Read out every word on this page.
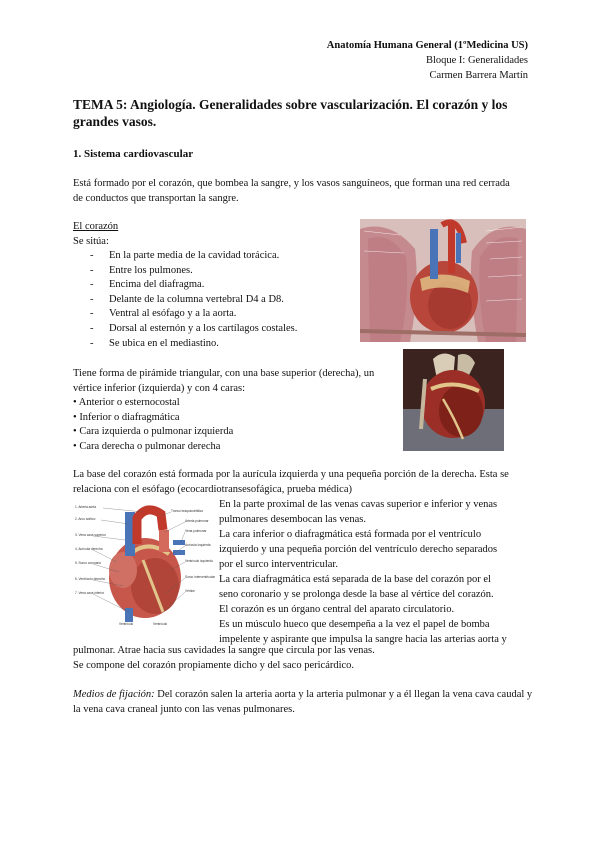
Anatomía Humana General (1ºMedicina US)
Bloque I: Generalidades
Carmen Barrera Martín
TEMA 5: Angiología. Generalidades sobre vascularización. El corazón y los grandes vasos.
1. Sistema cardiovascular
Está formado por el corazón, que bombea la sangre, y los vasos sanguíneos, que forman una red cerrada de conductos que transportan la sangre.
El corazón
Se sitúa:
- En la parte media de la cavidad torácica.
- Entre los pulmones.
- Encima del diafragma.
- Delante de la columna vertebral D4 a D8.
- Ventral al esófago y a la aorta.
- Dorsal al esternón y a los cartílagos costales.
- Se ubica en el mediastino.
Tiene forma de pirámide triangular, con una base superior (derecha), un vértice inferior (izquierda) y con 4 caras:
• Anterior o esternocostal
• Inferior o diafragmática
• Cara izquierda o pulmonar izquierda
• Cara derecha o pulmonar derecha
La base del corazón está formada por la aurícula izquierda y una pequeña porción de la derecha. Esta se relaciona con el esófago (ecocardiotransesofágica, prueba médica)
1. Arteria aorta
2. Arco aórtico
3. Vena cava superior
4. Aurícula derecha
5. Surco coronario
6. Ventrículo derecho
7. Vena cava inferior
Tronco braquiocefálico
Arteria pulmonar
Vena pulmonar
Aurícula izquierda
Ventrículo izquierdo
Surco interventricular
Vértice
Ventrículo	Ventrículo
En la parte proximal de las venas cavas superior e inferior y venas
pulmonares desembocan las venas.
La cara inferior o diafragmática está formada por el ventrículo
izquierdo y una pequeña porción del ventrículo derecho separados
por el surco interventricular.
La cara diafragmática está separada de la base del corazón por el
seno coronario y se prolonga desde la base al vértice del corazón.
El corazón es un órgano central del aparato circulatorio.
Es un músculo hueco que desempeña a la vez el papel de bomba
impelente y aspirante que impulsa la sangre hacia las arterias aorta y
pulmonar. Atrae hacia sus cavidades la sangre que circula por las venas.
Se compone del corazón propiamente dicho y del saco pericárdico.
Medios de fijación: Del corazón salen la arteria aorta y la arteria pulmonar y a él llegan la vena cava caudal y la vena cava craneal junto con las venas pulmonares.
